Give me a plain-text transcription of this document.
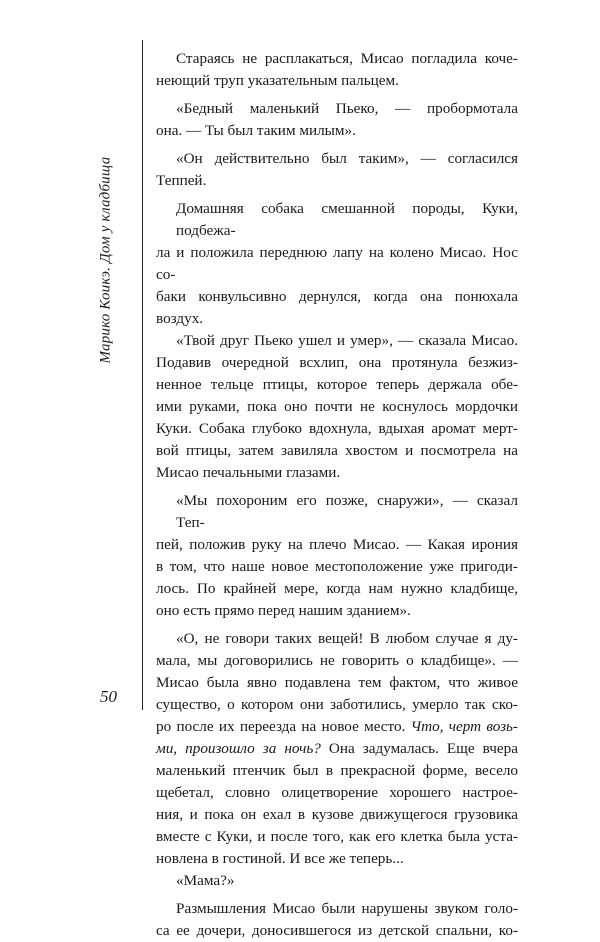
Марико Коикэ. Дом у кладбища
50

Стараясь не расплакаться, Мисао погладила коче-

неющий труп указательным пальцем.

«Бедный маленький Пьеко, — пробормотала

она. — Ты был таким милым».

«Он действительно был таким», — согласился

Теппей.

Домашняя собака смешанной породы, Куки, подбежа-

ла и положила переднюю лапу на колено Мисао. Нос со-

баки конвульсивно дернулся, когда она понюхала воздух.

«Твой друг Пьеко ушел и умер», — сказала Мисао.

Подавив очередной всхлип, она протянула безжиз-

ненное тельце птицы, которое теперь держала обе-

ими руками, пока оно почти не коснулось мордочки

Куки. Собака глубоко вдохнула, вдыхая аромат мерт-

вой птицы, затем завиляла хвостом и посмотрела на

Мисао печальными глазами.

«Мы похороним его позже, снаружи», — сказал Теп-

пей, положив руку на плечо Мисао. — Какая ирония

в том, что наше новое местоположение уже пригоди-

лось. По крайней мере, когда нам нужно кладбище,

оно есть прямо перед нашим зданием».

«О, не говори таких вещей! В любом случае я ду-

мала, мы договорились не говорить о кладбище». —

Мисао была явно подавлена тем фактом, что живое

существо, о котором они заботились, умерло так ско-

ро после их переезда на новое место. Что, черт возь-

ми, произошло за ночь? Она задумалась. Еще вчера

маленький птенчик был в прекрасной форме, весело

щебетал, словно олицетворение хорошего настрое-

ния, и пока он ехал в кузове движущегося грузовика

вместе с Куки, и после того, как его клетка была уста-

новлена в гостиной. И все же теперь...

«Мама?»

Размышления Мисао были нарушены звуком голо-

са ее дочери, доносившегося из детской спальни, ко-
